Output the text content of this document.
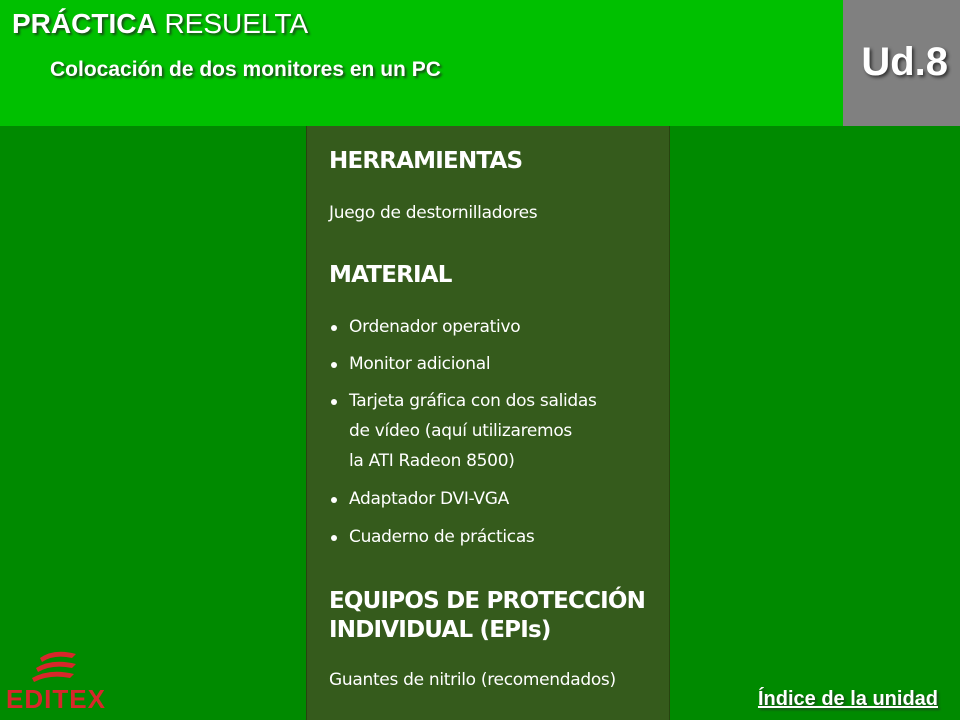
PRÁCTICA RESUELTA
Colocación de dos monitores en un PC	Ud.8
HERRAMIENTAS
Juego de destornilladores
MATERIAL
Ordenador operativo
Monitor adicional
Tarjeta gráfica con dos salidas
de vídeo (aquí utilizaremos
la ATI Radeon 8500)
Adaptador DVI-VGA
Cuaderno de prácticas
EQUIPOS DE PROTECCIÓN
INDIVIDUAL (EPIs)
Guantes de nitrilo (recomendados)
EDITEX	Índice de la unidad
